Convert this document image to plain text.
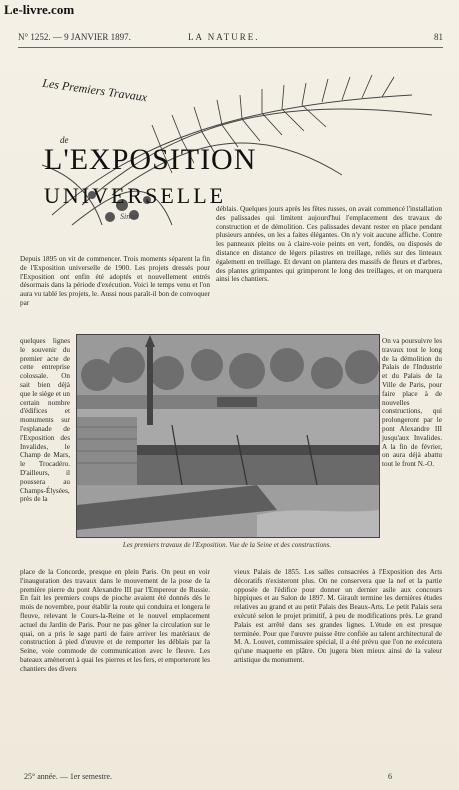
Le-livre.com
N° 1252. — 9 JANVIER 1897.	LA NATURE.	81
Les Premiers Travaux
de
L'EXPOSITION UNIVERSELLE
Sinon
déblais. Quelques jours après les fêtes russes, on avait commencé l'installation des palissades qui limitent aujourd'hui l'emplacement des travaux de construction et de démolition. Ces palissades devant rester en place pendant plusieurs années, on les a faites élégantes. On n'y voit aucune affiche. Contre les panneaux pleins ou à claire-voie peints en vert, fondés, ou disposés de distance en distance de légers pilastres en treillage, reliés sur des linteaux également en treillage. Et devant on plantera des massifs de fleurs et d'arbres, des plantes grimpantes qui grimperont le long des treillages, et on marquera ainsi les chantiers.
Depuis 1895 on vit de commencer. Trois moments séparent la fin de l'Exposition universelle de 1900. Les projets dressés pour l'Exposition ont enfin été adoptés et nouvellement entrés désormais dans la période d'exécution. Voici le temps venu et l'on aura vu tablé les projets, le. Aussi nous paraît-il bon de convoquer par
quelques lignes le souvenir du premier acte de cette entreprise colossale. On sait bien déjà que le siège et un certain nombre d'édifices et monuments sur l'esplanade de l'Exposition des Invalides, le Champ de Mars, le Trocadéro. D'ailleurs, il poussera au Champs-Élysées, près de la
On va poursuivre les travaux tout le long de la démolition du Palais de l'Industrie et du Palais de la Ville de Paris, pour faire place à de nouvelles constructions, qui prolongeront par le pont Alexandre III jusqu'aux Invalides. A la fin de février, on aura déjà abattu tout le front N.-O.
Les premiers travaux de l'Exposition. Vue de la Seine et des constructions.
place de la Concorde, presque en plein Paris. On peut en voir l'inauguration des travaux dans le mouvement de la pose de la première pierre du pont Alexandre III par l'Empereur de Russie. En fait les premiers coups de pioche avaient été donnés dès le mois de novembre, pour établir la route qui conduira et longera le fleuve, relevant le Cours-la-Reine et le nouvel emplacement actuel du Jardin de Paris. Pour ne pas gêner la circulation sur le quai, on a pris le sage parti de faire arriver les matériaux de construction à pied d'œuvre et de remporter les déblais par la Seine, voie commode de communication avec le fleuve. Les bateaux amèneront à quai les pierres et les fers, et emporteront les chantiers des divers
vieux Palais de 1855. Les salles consacrées à l'Exposition des Arts décoratifs n'existeront plus. On ne conservera que la nef et la partie opposée de l'édifice pour donner un dernier asile aux concours hippiques et au Salon de 1897. M. Girault termine les dernières études relatives au grand et au petit Palais des Beaux-Arts. Le petit Palais sera exécuté selon le projet primitif, à peu de modifications près. Le grand Palais est arrêté dans ses grandes lignes. L'étude en est presque terminée. Pour que l'œuvre puisse être confiée au talent architectural de M. A. Louvet, commissaire spécial, il a été prévu que l'on ne exécutera qu'une maquette en plâtre. On jugera bien mieux ainsi de la valeur artistique du monument.
25° année. — 1er semestre.	6
